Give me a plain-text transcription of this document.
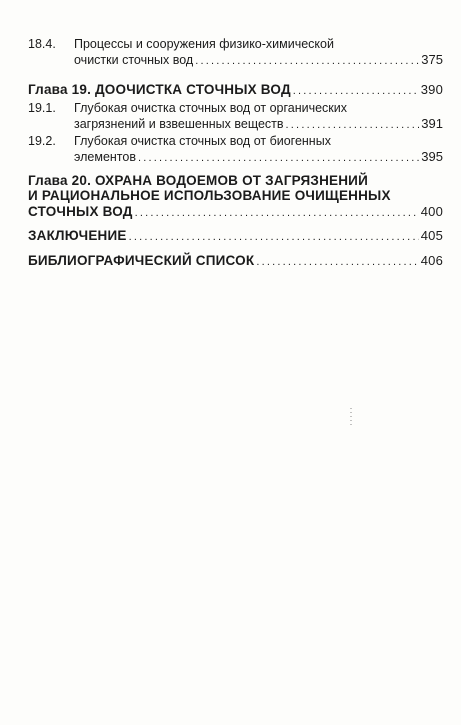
18.4. Процессы и сооружения физико-химической
очистки сточных вод .....	375
Глава 19. ДООЧИСТКА СТОЧНЫХ ВОД .....	390
19.1. Глубокая очистка сточных вод от органических
загрязнений и взвешенных веществ .....	391
19.2. Глубокая очистка сточных вод от биогенных
элементов .....	395
Глава 20. ОХРАНА ВОДОЕМОВ ОТ ЗАГРЯЗНЕНИЙ
И РАЦИОНАЛЬНОЕ ИСПОЛЬЗОВАНИЕ ОЧИЩЕННЫХ
СТОЧНЫХ ВОД .....	400
ЗАКЛЮЧЕНИЕ .....	405
БИБЛИОГРАФИЧЕСКИЙ СПИСОК .....	406
